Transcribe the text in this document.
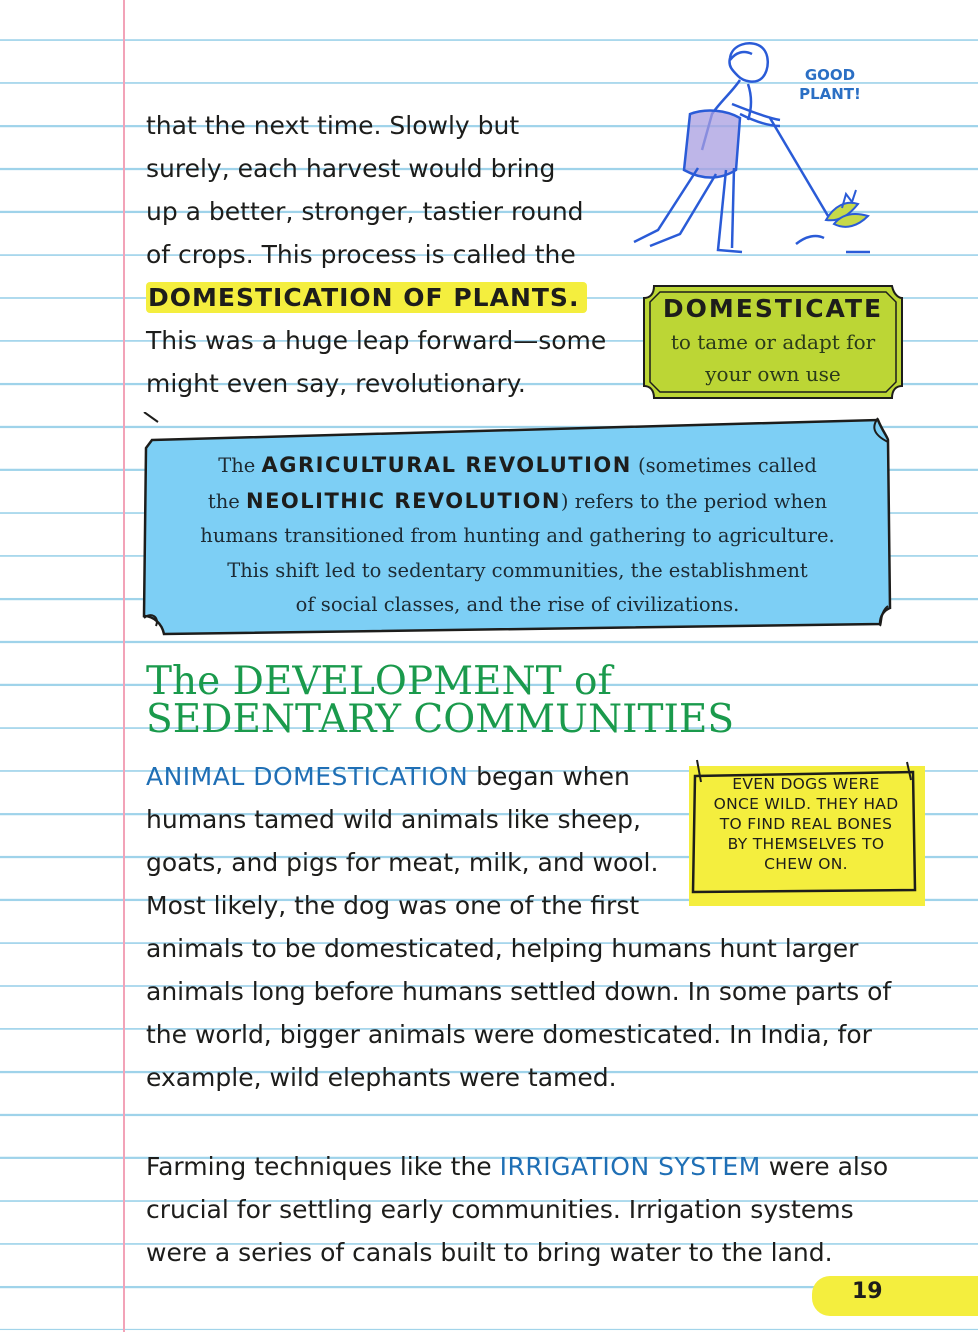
that the next time. Slowly but
surely, each harvest would bring
up a better, stronger, tastier round
of crops. This process is called the
DOMESTICATION OF PLANTS.
This was a huge leap forward—some
might even say, revolutionary.
GOOD PLANT!
DOMESTICATE
to tame or adapt for
your own use
The AGRICULTURAL REVOLUTION (sometimes called
the NEOLITHIC REVOLUTION) refers to the period when
humans transitioned from hunting and gathering to agriculture.
This shift led to sedentary communities, the establishment
of social classes, and the rise of civilizations.
The DEVELOPMENT of
SEDENTARY COMMUNITIES
ANIMAL DOMESTICATION began when
humans tamed wild animals like sheep,
goats, and pigs for meat, milk, and wool.
Most likely, the dog was one of the first
animals to be domesticated, helping humans hunt larger
animals long before humans settled down. In some parts of
the world, bigger animals were domesticated. In India, for
example, wild elephants were tamed.
EVEN DOGS WERE
ONCE WILD. THEY HAD
TO FIND REAL BONES
BY THEMSELVES TO
CHEW ON.
Farming techniques like the IRRIGATION SYSTEM were also
crucial for settling early communities. Irrigation systems
were a series of canals built to bring water to the land.
19
